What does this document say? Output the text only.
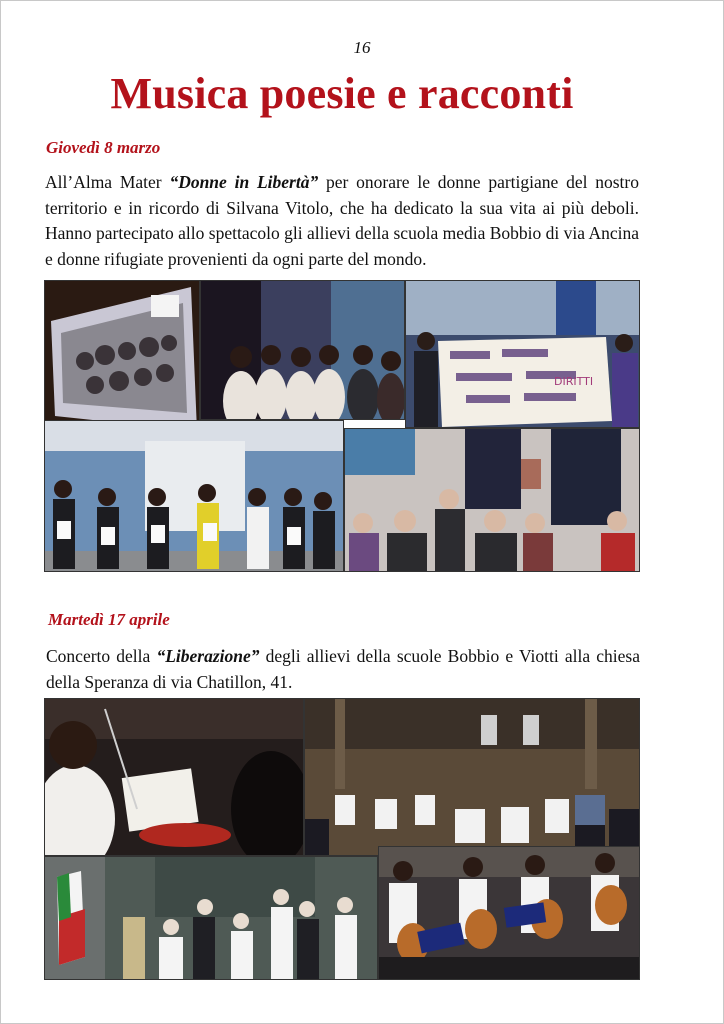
16
Musica poesie e racconti
Giovedì 8 marzo
All’Alma Mater “Donne in Libertà” per onorare le donne partigiane del nostro territorio e in ricordo di Silvana Vitolo, che ha dedicato la sua vita ai più deboli. Hanno partecipato allo spettacolo gli allievi della scuola media Bobbio di via Ancina e donne rifugiate provenienti da ogni parte del mondo.
DIRITTI
Martedì 17 aprile
Concerto della “Liberazione” degli allievi della scuole Bobbio e Viotti alla chiesa della Speranza di via Chatillon, 41.
